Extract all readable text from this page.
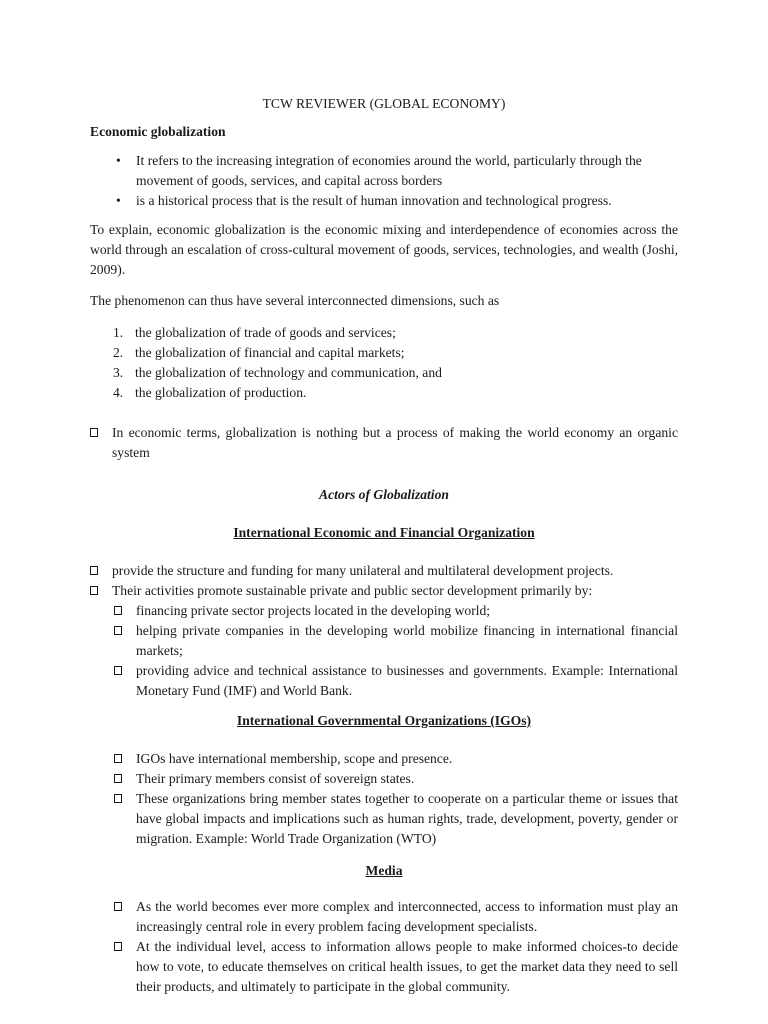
TCW REVIEWER (GLOBAL ECONOMY)

Economic globalization

• It refers to the increasing integration of economies around the world, particularly through the movement of goods, services, and capital across borders
• is a historical process that is the result of human innovation and technological progress.

To explain, economic globalization is the economic mixing and interdependence of economies across the world through an escalation of cross-cultural movement of goods, services, technologies, and wealth (Joshi, 2009).

The phenomenon can thus have several interconnected dimensions, such as

1. the globalization of trade of goods and services;
2. the globalization of financial and capital markets;
3. the globalization of technology and communication, and
4. the globalization of production.
In economic terms, globalization is nothing but a process of making the world economy an organic system

Actors of Globalization

International Economic and Financial Organization

provide the structure and funding for many unilateral and multilateral development projects.
Their activities promote sustainable private and public sector development primarily by:
financing private sector projects located in the developing world;
helping private companies in the developing world mobilize financing in international financial markets;
providing advice and technical assistance to businesses and governments. Example: International Monetary Fund (IMF) and World Bank.

International Governmental Organizations (IGOs)

IGOs have international membership, scope and presence.
Their primary members consist of sovereign states.
These organizations bring member states together to cooperate on a particular theme or issues that have global impacts and implications such as human rights, trade, development, poverty, gender or migration. Example: World Trade Organization (WTO)

Media

As the world becomes ever more complex and interconnected, access to information must play an increasingly central role in every problem facing development specialists.
At the individual level, access to information allows people to make informed choices-to decide how to vote, to educate themselves on critical health issues, to get the market data they need to sell their products, and ultimately to participate in the global community.
